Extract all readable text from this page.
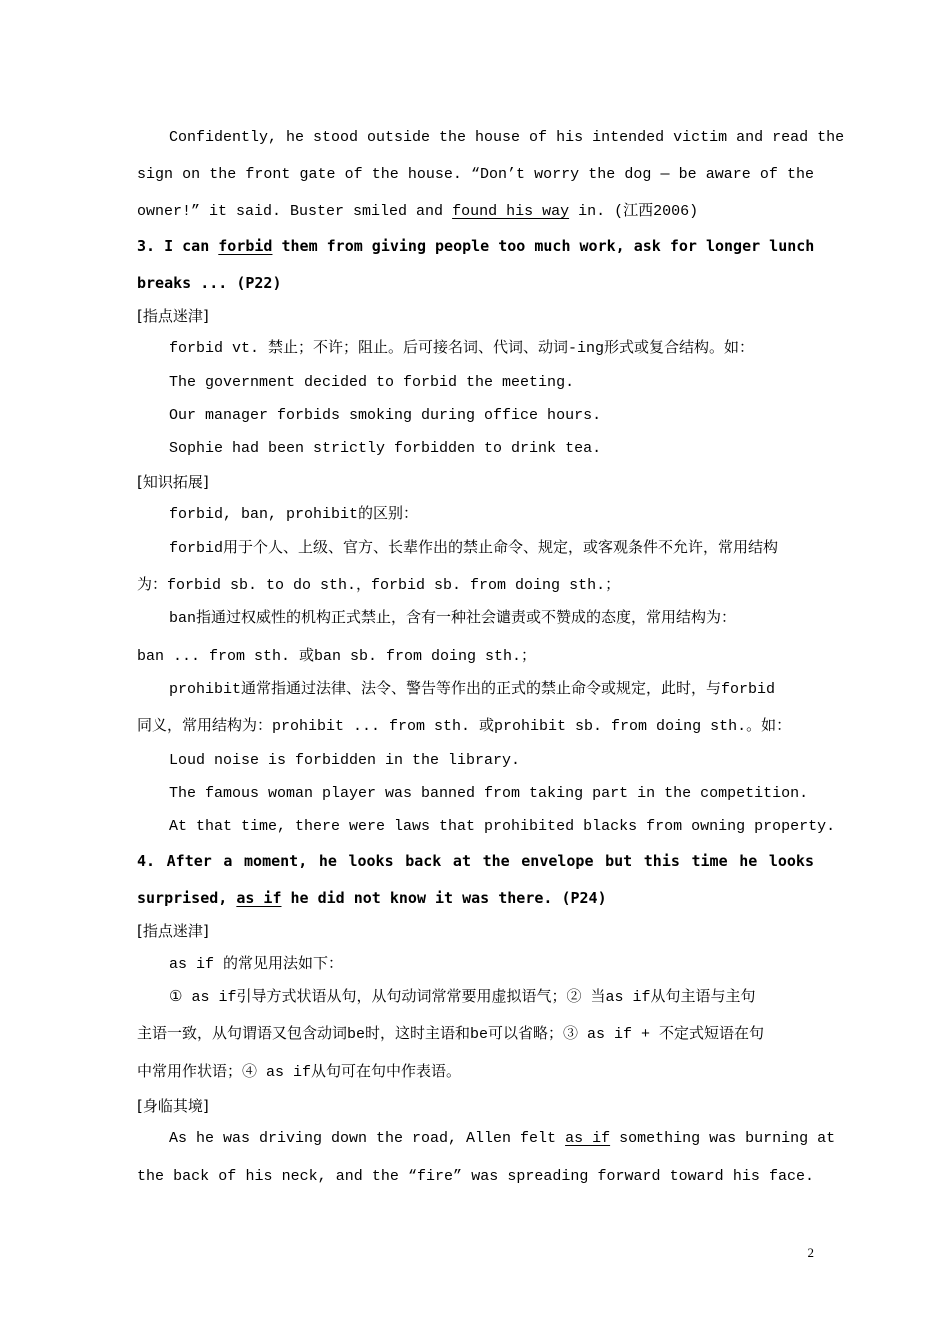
Confidently, he stood outside the house of his intended victim and read the
sign on the front gate of the house. “Don’t worry the dog — be aware of the
owner!” it said. Buster smiled and found his way in. (江西2006)
3. I can forbid them from giving people too much work, ask for longer lunch
breaks ... (P22)
[指点迷津]
forbid vt. 禁止；不许；阻止。后可接名词、代词、动词-ing形式或复合结构。如：
The government decided to forbid the meeting.
Our manager forbids smoking during office hours.
Sophie had been strictly forbidden to drink tea.
[知识拓展]
forbid, ban, prohibit的区别：
forbid用于个人、上级、官方、长辈作出的禁止命令、规定，或客观条件不允许，常用结构
为：forbid sb. to do sth.，forbid sb. from doing sth.；
ban指通过权威性的机构正式禁止，含有一种社会谴责或不赞成的态度，常用结构为：
ban ... from sth. 或ban sb. from doing sth.；
prohibit通常指通过法律、法令、警告等作出的正式的禁止命令或规定，此时，与forbid
同义，常用结构为：prohibit ... from sth. 或prohibit sb. from doing sth.。如：
Loud noise is forbidden in the library.
The famous woman player was banned from taking part in the competition.
At that time, there were laws that prohibited blacks from owning property.
4. After a moment, he looks back at the envelope but this time he looks
surprised, as if he did not know it was there. (P24)
[指点迷津]
as if 的常见用法如下：
① as if引导方式状语从句，从句动词常常要用虚拟语气；② 当as if从句主语与主句
主语一致，从句谓语又包含动词be时，这时主语和be可以省略；③ as if + 不定式短语在句
中常用作状语；④ as if从句可在句中作表语。
[身临其境]
As he was driving down the road, Allen felt as if something was burning at
the back of his neck, and the “fire” was spreading forward toward his face.
2
